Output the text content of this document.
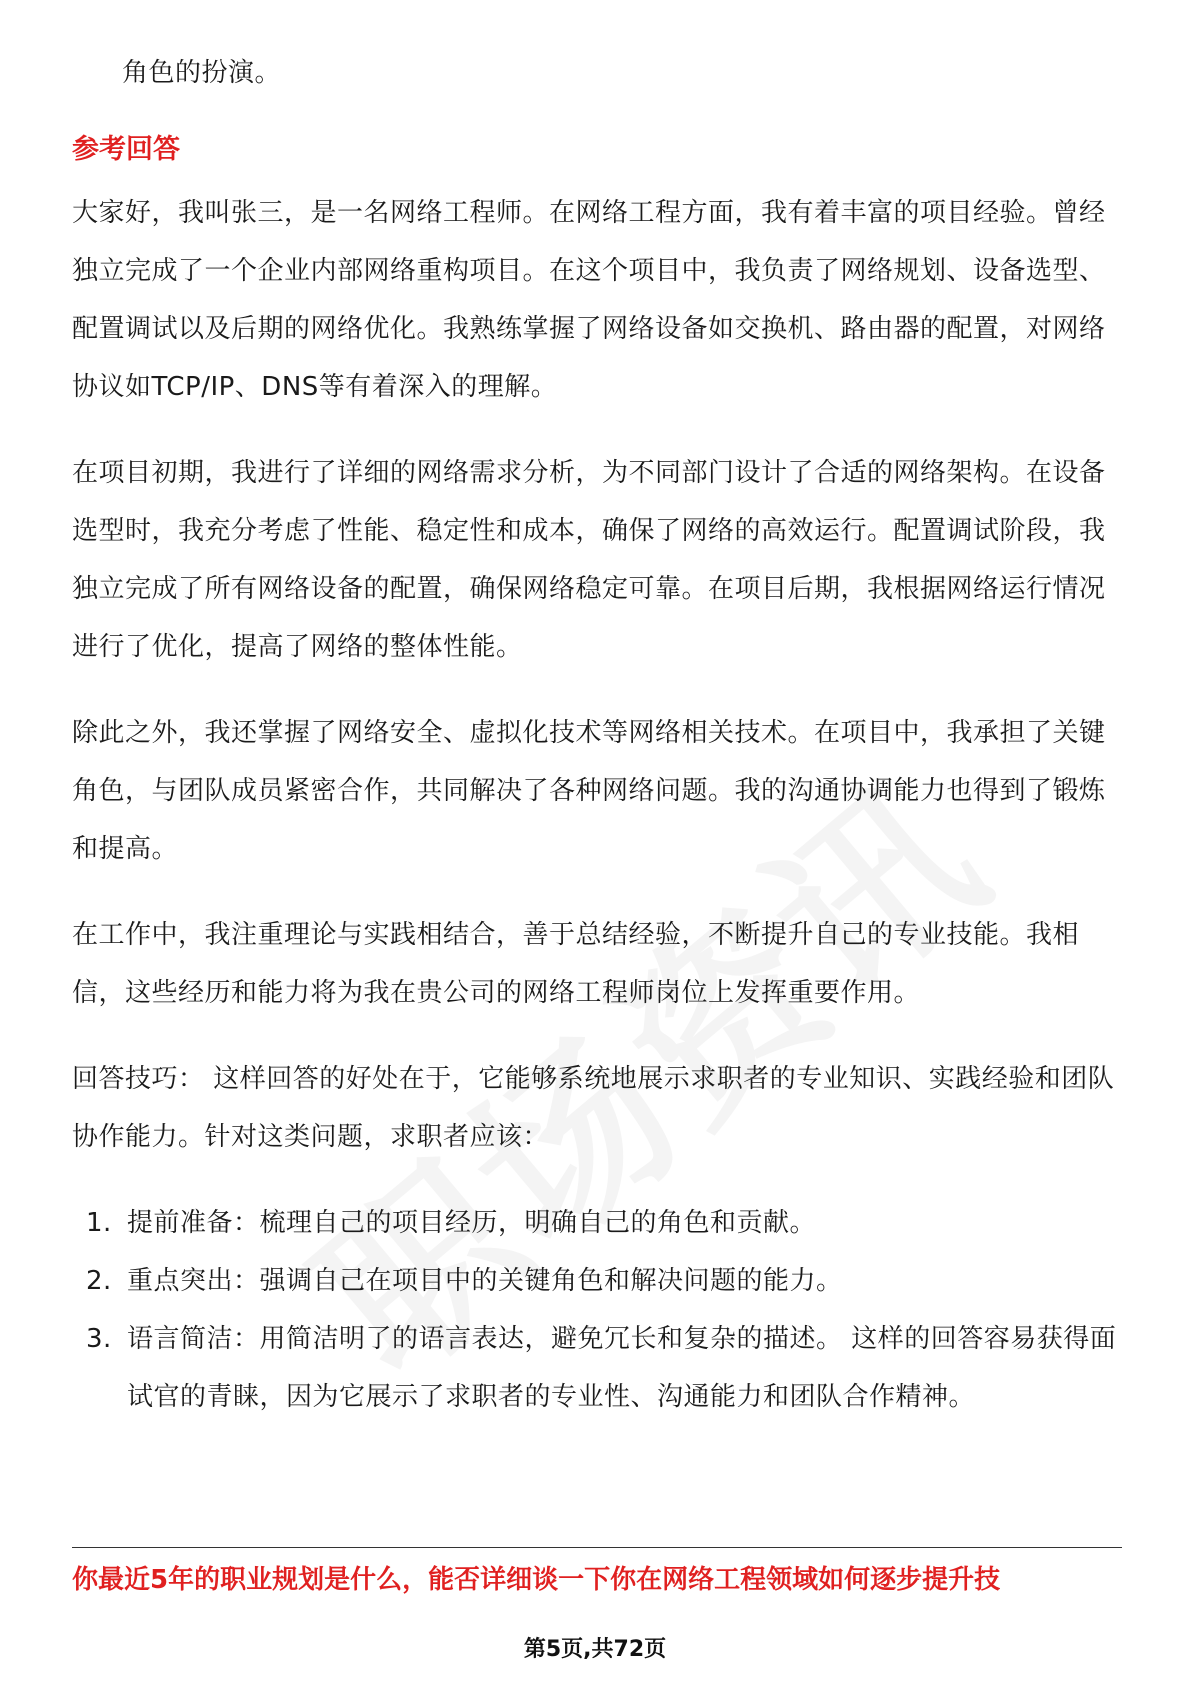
角色的扮演。

参考回答

大家好，我叫张三，是一名网络工程师。在网络工程方面，我有着丰富的项目经验。曾经独立完成了一个企业内部网络重构项目。在这个项目中，我负责了网络规划、设备选型、配置调试以及后期的网络优化。我熟练掌握了网络设备如交换机、路由器的配置，对网络协议如TCP/IP、DNS等有着深入的理解。

在项目初期，我进行了详细的网络需求分析，为不同部门设计了合适的网络架构。在设备选型时，我充分考虑了性能、稳定性和成本，确保了网络的高效运行。配置调试阶段，我独立完成了所有网络设备的配置，确保网络稳定可靠。在项目后期，我根据网络运行情况进行了优化，提高了网络的整体性能。

除此之外，我还掌握了网络安全、虚拟化技术等网络相关技术。在项目中，我承担了关键角色，与团队成员紧密合作，共同解决了各种网络问题。我的沟通协调能力也得到了锻炼和提高。

在工作中，我注重理论与实践相结合，善于总结经验，不断提升自己的专业技能。我相信，这些经历和能力将为我在贵公司的网络工程师岗位上发挥重要作用。

回答技巧： 这样回答的好处在于，它能够系统地展示求职者的专业知识、实践经验和团队协作能力。针对这类问题，求职者应该：

1. 提前准备：梳理自己的项目经历，明确自己的角色和贡献。
2. 重点突出：强调自己在项目中的关键角色和解决问题的能力。
3. 语言简洁：用简洁明了的语言表达，避免冗长和复杂的描述。 这样的回答容易获得面试官的青睐，因为它展示了求职者的专业性、沟通能力和团队合作精神。
你最近5年的职业规划是什么，能否详细谈一下你在网络工程领域如何逐步提升技
第5页,共72页
